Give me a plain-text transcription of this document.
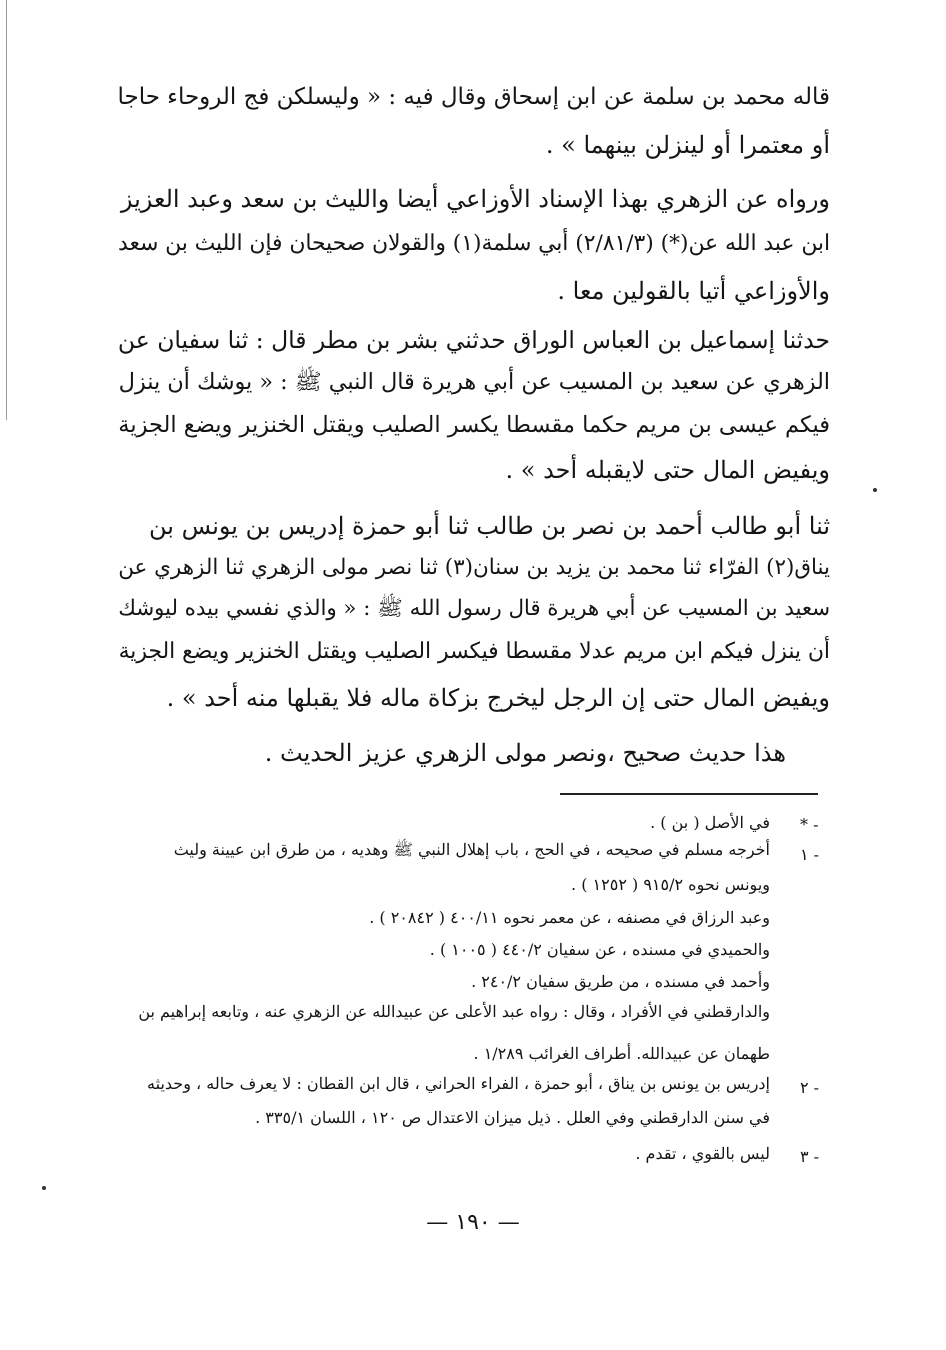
قاله محمد بن سلمة عن ابن إسحاق وقال فيه : « وليسلكن فج الروحاء حاجا
أو معتمرا أو لينزلن بينهما » .
ورواه عن الزهري بهذا الإسناد الأوزاعي أيضا والليث بن سعد وعبد العزيز
ابن عبد الله عن(*) (٢/٨١/٣) أبي سلمة(١) والقولان صحيحان فإن الليث بن سعد
والأوزاعي أتيا بالقولين معا .
حدثنا إسماعيل بن العباس الوراق حدثني بشر بن مطر قال : ثنا سفيان عن
الزهري عن سعيد بن المسيب عن أبي هريرة قال النبي ﷺ : « يوشك أن ينزل
فيكم عيسى بن مريم حكما مقسطا يكسر الصليب ويقتل الخنزير ويضع الجزية
ويفيض المال حتى لايقبله أحد » .
ثنا أبو طالب أحمد بن نصر بن طالب ثنا أبو حمزة إدريس بن يونس بن
يناق(٢) الفرّاء ثنا محمد بن يزيد بن سنان(٣) ثنا نصر مولى الزهري ثنا الزهري عن
سعيد بن المسيب عن أبي هريرة قال رسول الله ﷺ : « والذي نفسي بيده ليوشك
أن ينزل فيكم ابن مريم عدلا مقسطا فيكسر الصليب ويقتل الخنزير ويضع الجزية
ويفيض المال حتى إن الرجل ليخرج بزكاة ماله فلا يقبلها منه أحد » .
هذا حديث صحيح ،ونصر مولى الزهري عزيز الحديث .
* -
في الأصل ( بن ) .
١ -
أخرجه مسلم في صحيحه ، في الحج ، باب إهلال النبي ﷺ وهديه ، من طرق ابن عيينة وليث
ويونس نحوه ٩١٥/٢ ( ١٢٥٢ ) .
وعبد الرزاق في مصنفه ، عن معمر نحوه ٤٠٠/١١ ( ٢٠٨٤٢ ) .
والحميدي في مسنده ، عن سفيان ٤٤٠/٢ ( ١٠٠٥ ) .
وأحمد في مسنده ، من طريق سفيان ٢٤٠/٢ .
والدارقطني في الأفراد ، وقال : رواه عبد الأعلى عن عبيدالله عن الزهري عنه ، وتابعه إبراهيم بن
طهمان عن عبيدالله. أطراف الغرائب ١/٢٨٩ .
٢ -
إدريس بن يونس بن يناق ، أبو حمزة ، الفراء الحراني ، قال ابن القطان : لا يعرف حاله ، وحديثه
في سنن الدارقطني وفي العلل . ذيل ميزان الاعتدال ص ١٢٠ ، اللسان ٣٣٥/١ .
٣ -
ليس بالقوي ، تقدم .
— ١٩٠ —
